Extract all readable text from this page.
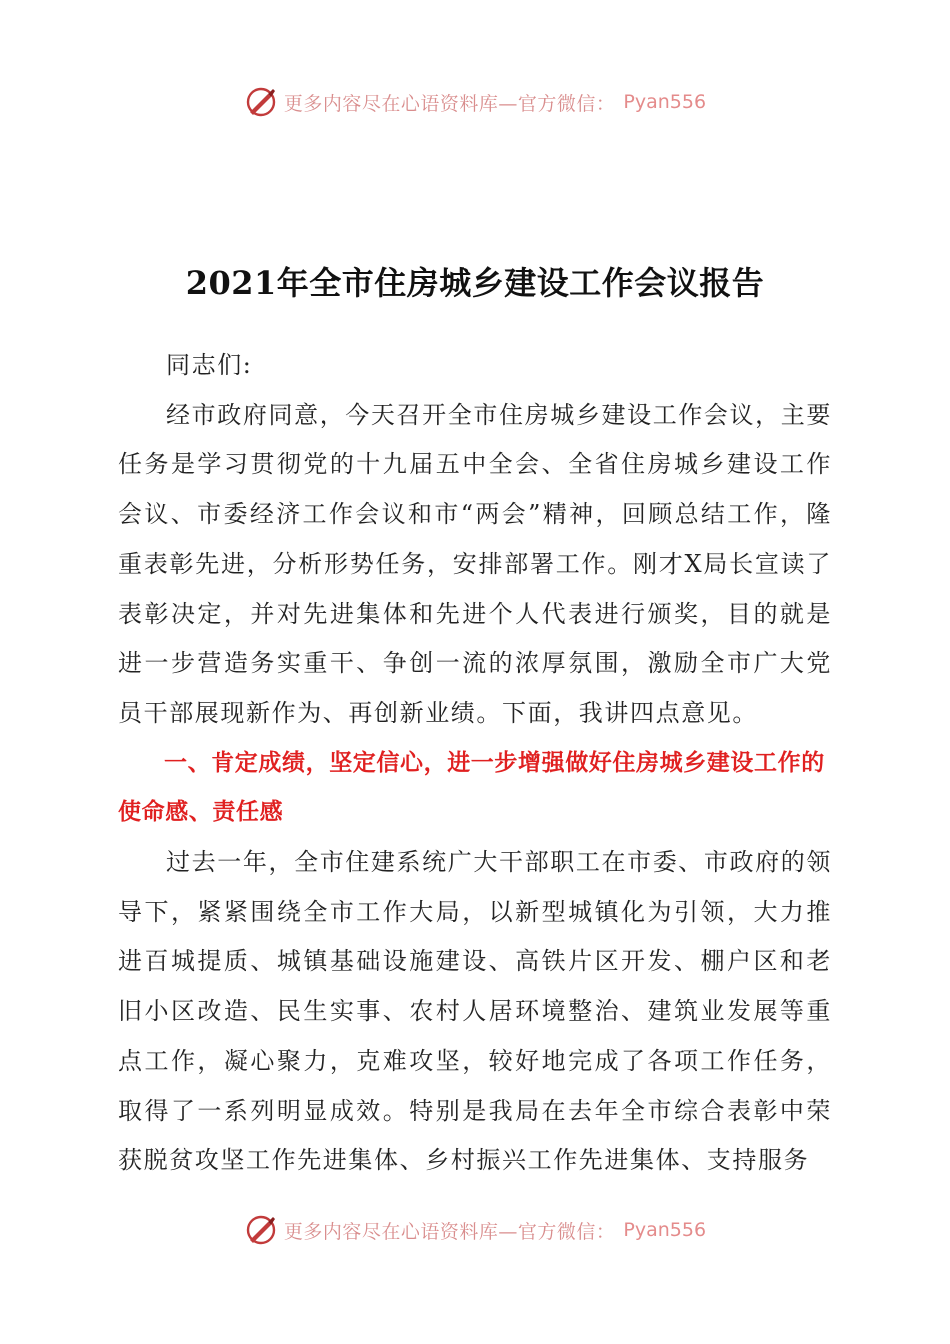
更多内容尽在心语资料库—官方微信： Pyan556
2021年全市住房城乡建设工作会议报告

同志们:

经市政府同意，今天召开全市住房城乡建设工作会议，主要任务是学习贯彻党的十九届五中全会、全省住房城乡建设工作会议、市委经济工作会议和市“两会”精神，回顾总结工作，隆重表彰先进，分析形势任务，安排部署工作。刚才X局长宣读了表彰决定，并对先进集体和先进个人代表进行颁奖，目的就是进一步营造务实重干、争创一流的浓厚氛围，激励全市广大党员干部展现新作为、再创新业绩。下面，我讲四点意见。

一、肯定成绩，坚定信心，进一步增强做好住房城乡建设工作的使命感、责任感

过去一年，全市住建系统广大干部职工在市委、市政府的领导下，紧紧围绕全市工作大局，以新型城镇化为引领，大力推进百城提质、城镇基础设施建设、高铁片区开发、棚户区和老旧小区改造、民生实事、农村人居环境整治、建筑业发展等重点工作，凝心聚力，克难攻坚，较好地完成了各项工作任务，取得了一系列明显成效。特别是我局在去年全市综合表彰中荣获脱贫攻坚工作先进集体、乡村振兴工作先进集体、支持服务

更多内容尽在心语资料库—官方微信： Pyan556
